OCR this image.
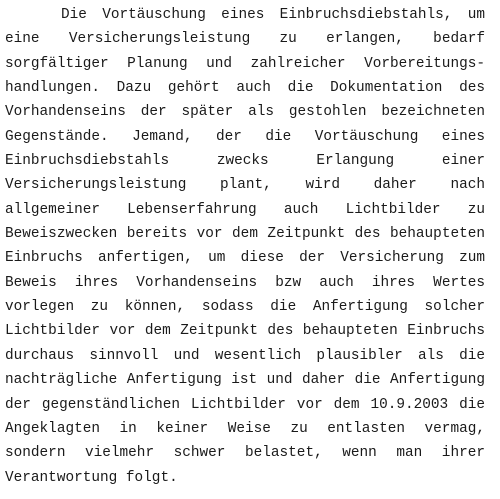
Die Vortäuschung eines Einbruchsdiebstahls, um
eine Versicherungsleistung zu erlangen, bedarf
sorgfältiger Planung und zahlreicher Vorbereitungs-
handlungen. Dazu gehört auch die Dokumentation des
Vorhandenseins der später als gestohlen bezeichneten
Gegenstände. Jemand, der die Vortäuschung eines
Einbruchsdiebstahls zwecks Erlangung einer
Versicherungsleistung plant, wird daher nach
allgemeiner Lebenserfahrung auch Lichtbilder zu
Beweiszwecken bereits vor dem Zeitpunkt des behaupteten
Einbruchs anfertigen, um diese der Versicherung zum
Beweis ihres Vorhandenseins bzw auch ihres Wertes
vorlegen zu können, sodass die Anfertigung solcher
Lichtbilder vor dem Zeitpunkt des behaupteten Einbruchs
durchaus sinnvoll und wesentlich plausibler als die
nachträgliche Anfertigung ist und daher die Anfertigung
der gegenständlichen Lichtbilder vor dem 10.9.2003 die
Angeklagten in keiner Weise zu entlasten vermag,
sondern vielmehr schwer belastet, wenn man ihrer
Verantwortung folgt.
